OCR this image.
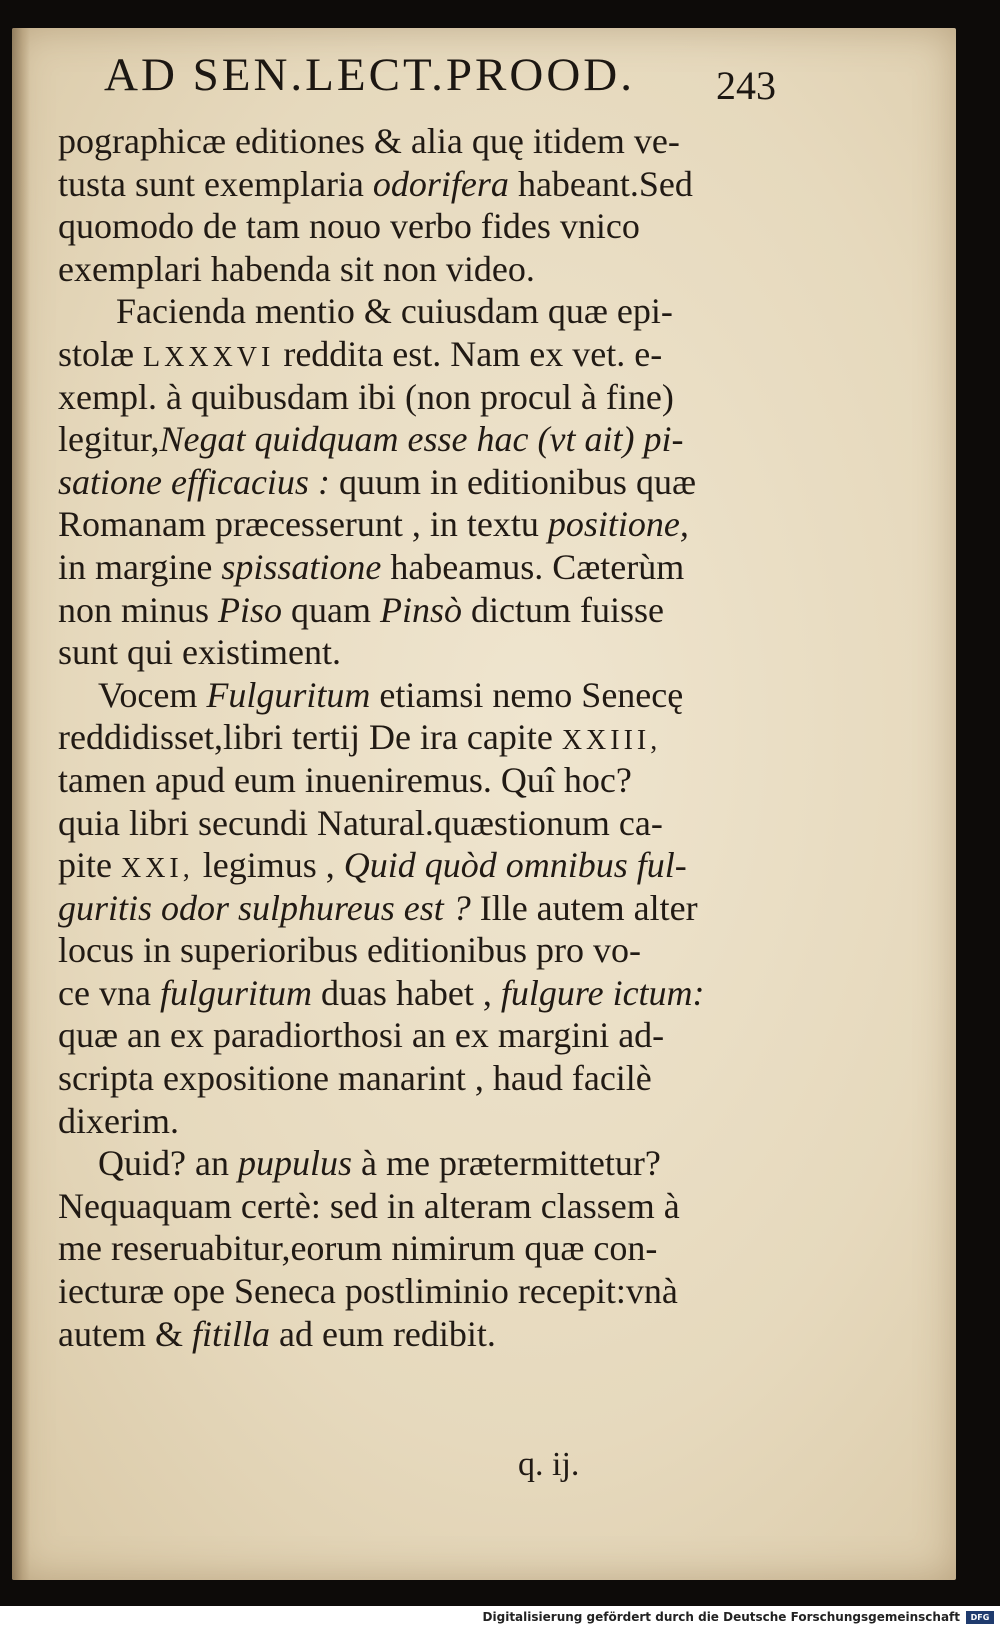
AD SEN.LECT.PROOD.	243
pographicæ editiones & alia quę itidem ve-
tusta sunt exemplaria odorifera habeant.Sed
quomodo de tam nouo verbo fides vnico
exemplari habenda sit non video.
Facienda mentio & cuiusdam quæ epi-
stolæ LXXXVI reddita est. Nam ex vet. e-
xempl. à quibusdam ibi (non procul à fine)
legitur,Negat quidquam esse hac (vt ait) pi-
satione efficacius : quum in editionibus quæ
Romanam præcesserunt , in textu positione,
in margine spissatione habeamus. Cæterùm
non minus Piso quam Pinsò dictum fuisse
sunt qui existiment.
Vocem Fulguritum etiamsi nemo Senecę
reddidisset,libri tertij De ira capite XXIII,
tamen apud eum inueniremus. Quî hoc?
quia libri secundi Natural.quæstionum ca-
pite XXI, legimus , Quid quòd omnibus ful-
guritis odor sulphureus est ? Ille autem alter
locus in superioribus editionibus pro vo-
ce vna fulguritum duas habet , fulgure ictum:
quæ an ex paradiorthosi an ex margini ad-
scripta expositione manarint , haud facilè
dixerim.
Quid? an pupulus à me prætermittetur?
Nequaquam certè: sed in alteram classem à
me reseruabitur,eorum nimirum quæ con-
iecturæ ope Seneca postliminio recepit:vnà
autem & fitilla ad eum redibit.
q. ij.
Digitalisierung gefördert durch die Deutsche Forschungsgemeinschaft	DFG
